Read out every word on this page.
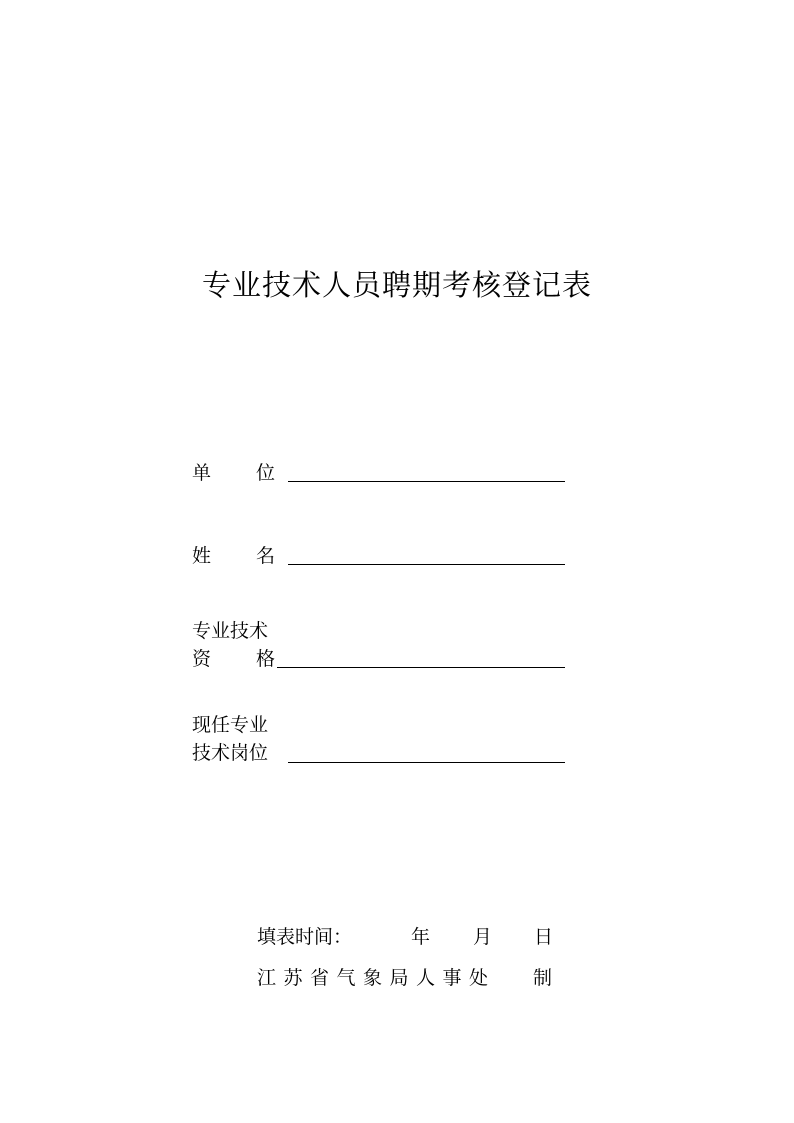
专业技术人员聘期考核登记表
单 位
姓 名
专业技术
资 格
现任专业
技术岗位
填表时间：	年 月 日
江苏省气象局人事处 制
